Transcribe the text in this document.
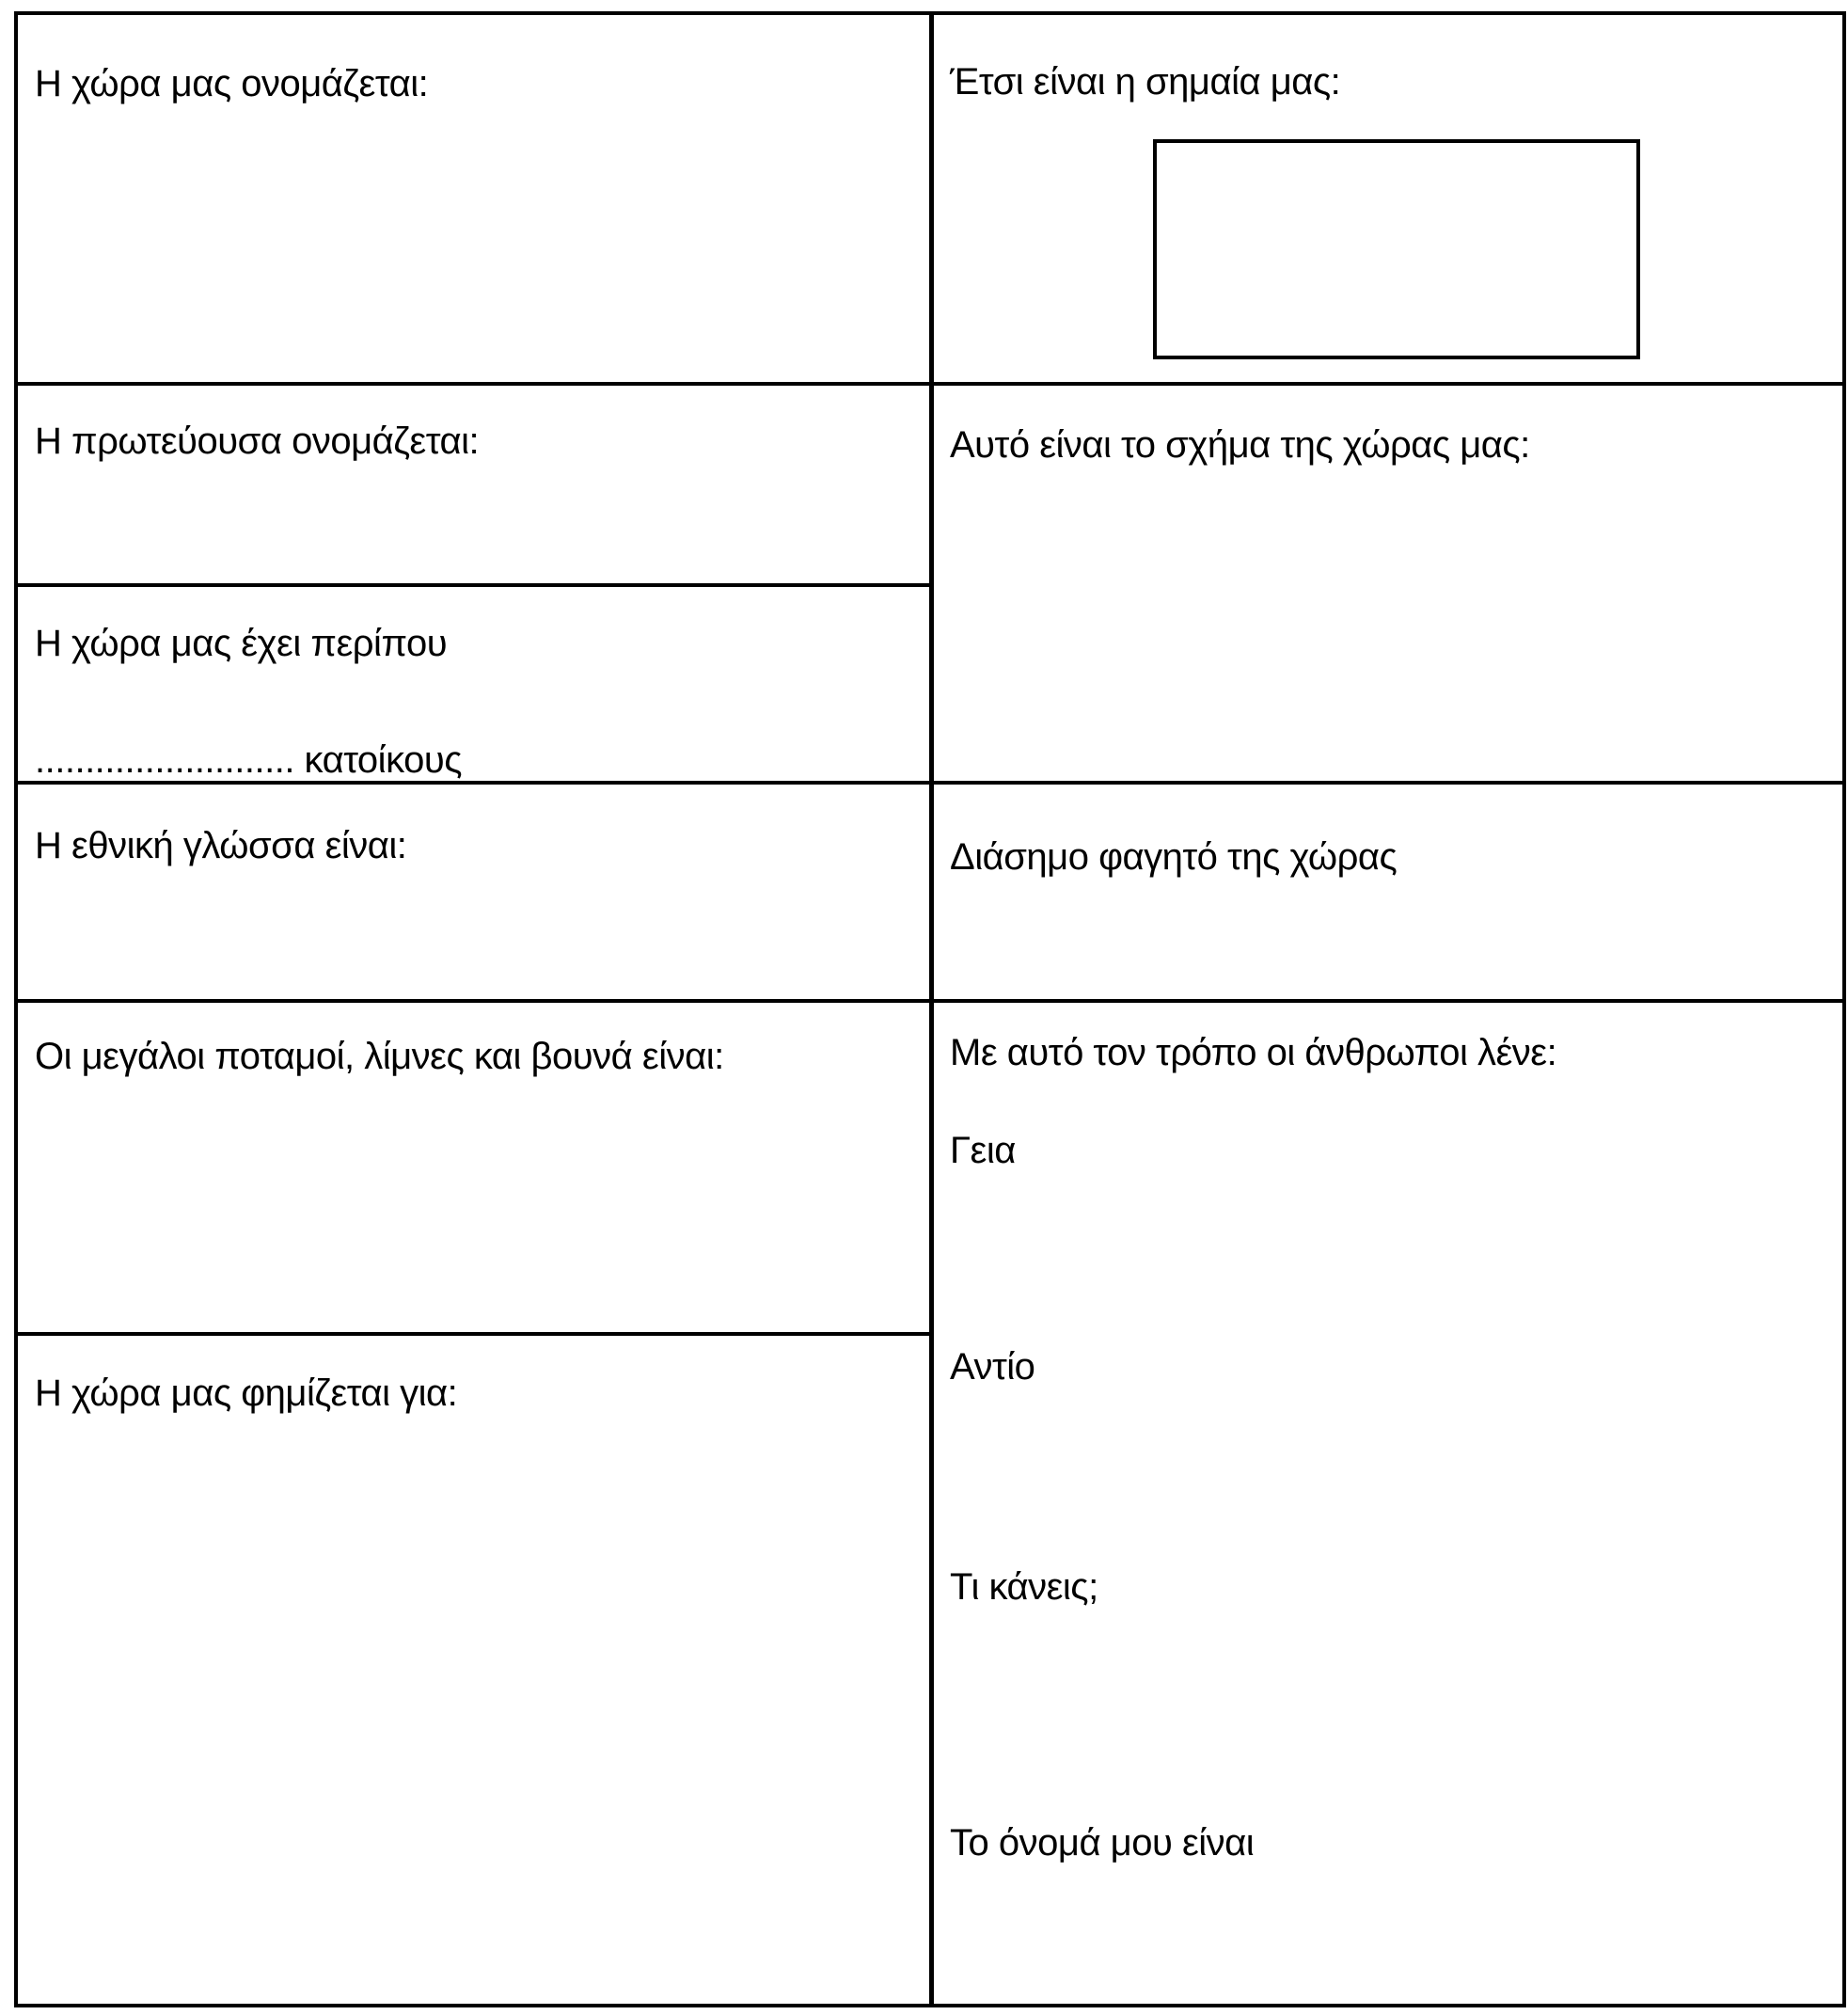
Η χώρα μας ονομάζεται:
Η πρωτεύουσα ονομάζεται:
Η χώρα μας έχει περίπου

.......................... κατοίκους

Η εθνική γλώσσα είναι:
Οι μεγάλοι ποταμοί, λίμνες και βουνά είναι:
Η χώρα μας φημίζεται για:
Έτσι είναι η σημαία μας:
Αυτό είναι το σχήμα της χώρας μας:
Διάσημο φαγητό της χώρας
Με αυτό τον τρόπο οι άνθρωποι λένε:
Γεια
Αντίο
Τι κάνεις;
Το όνομά μου είναι
